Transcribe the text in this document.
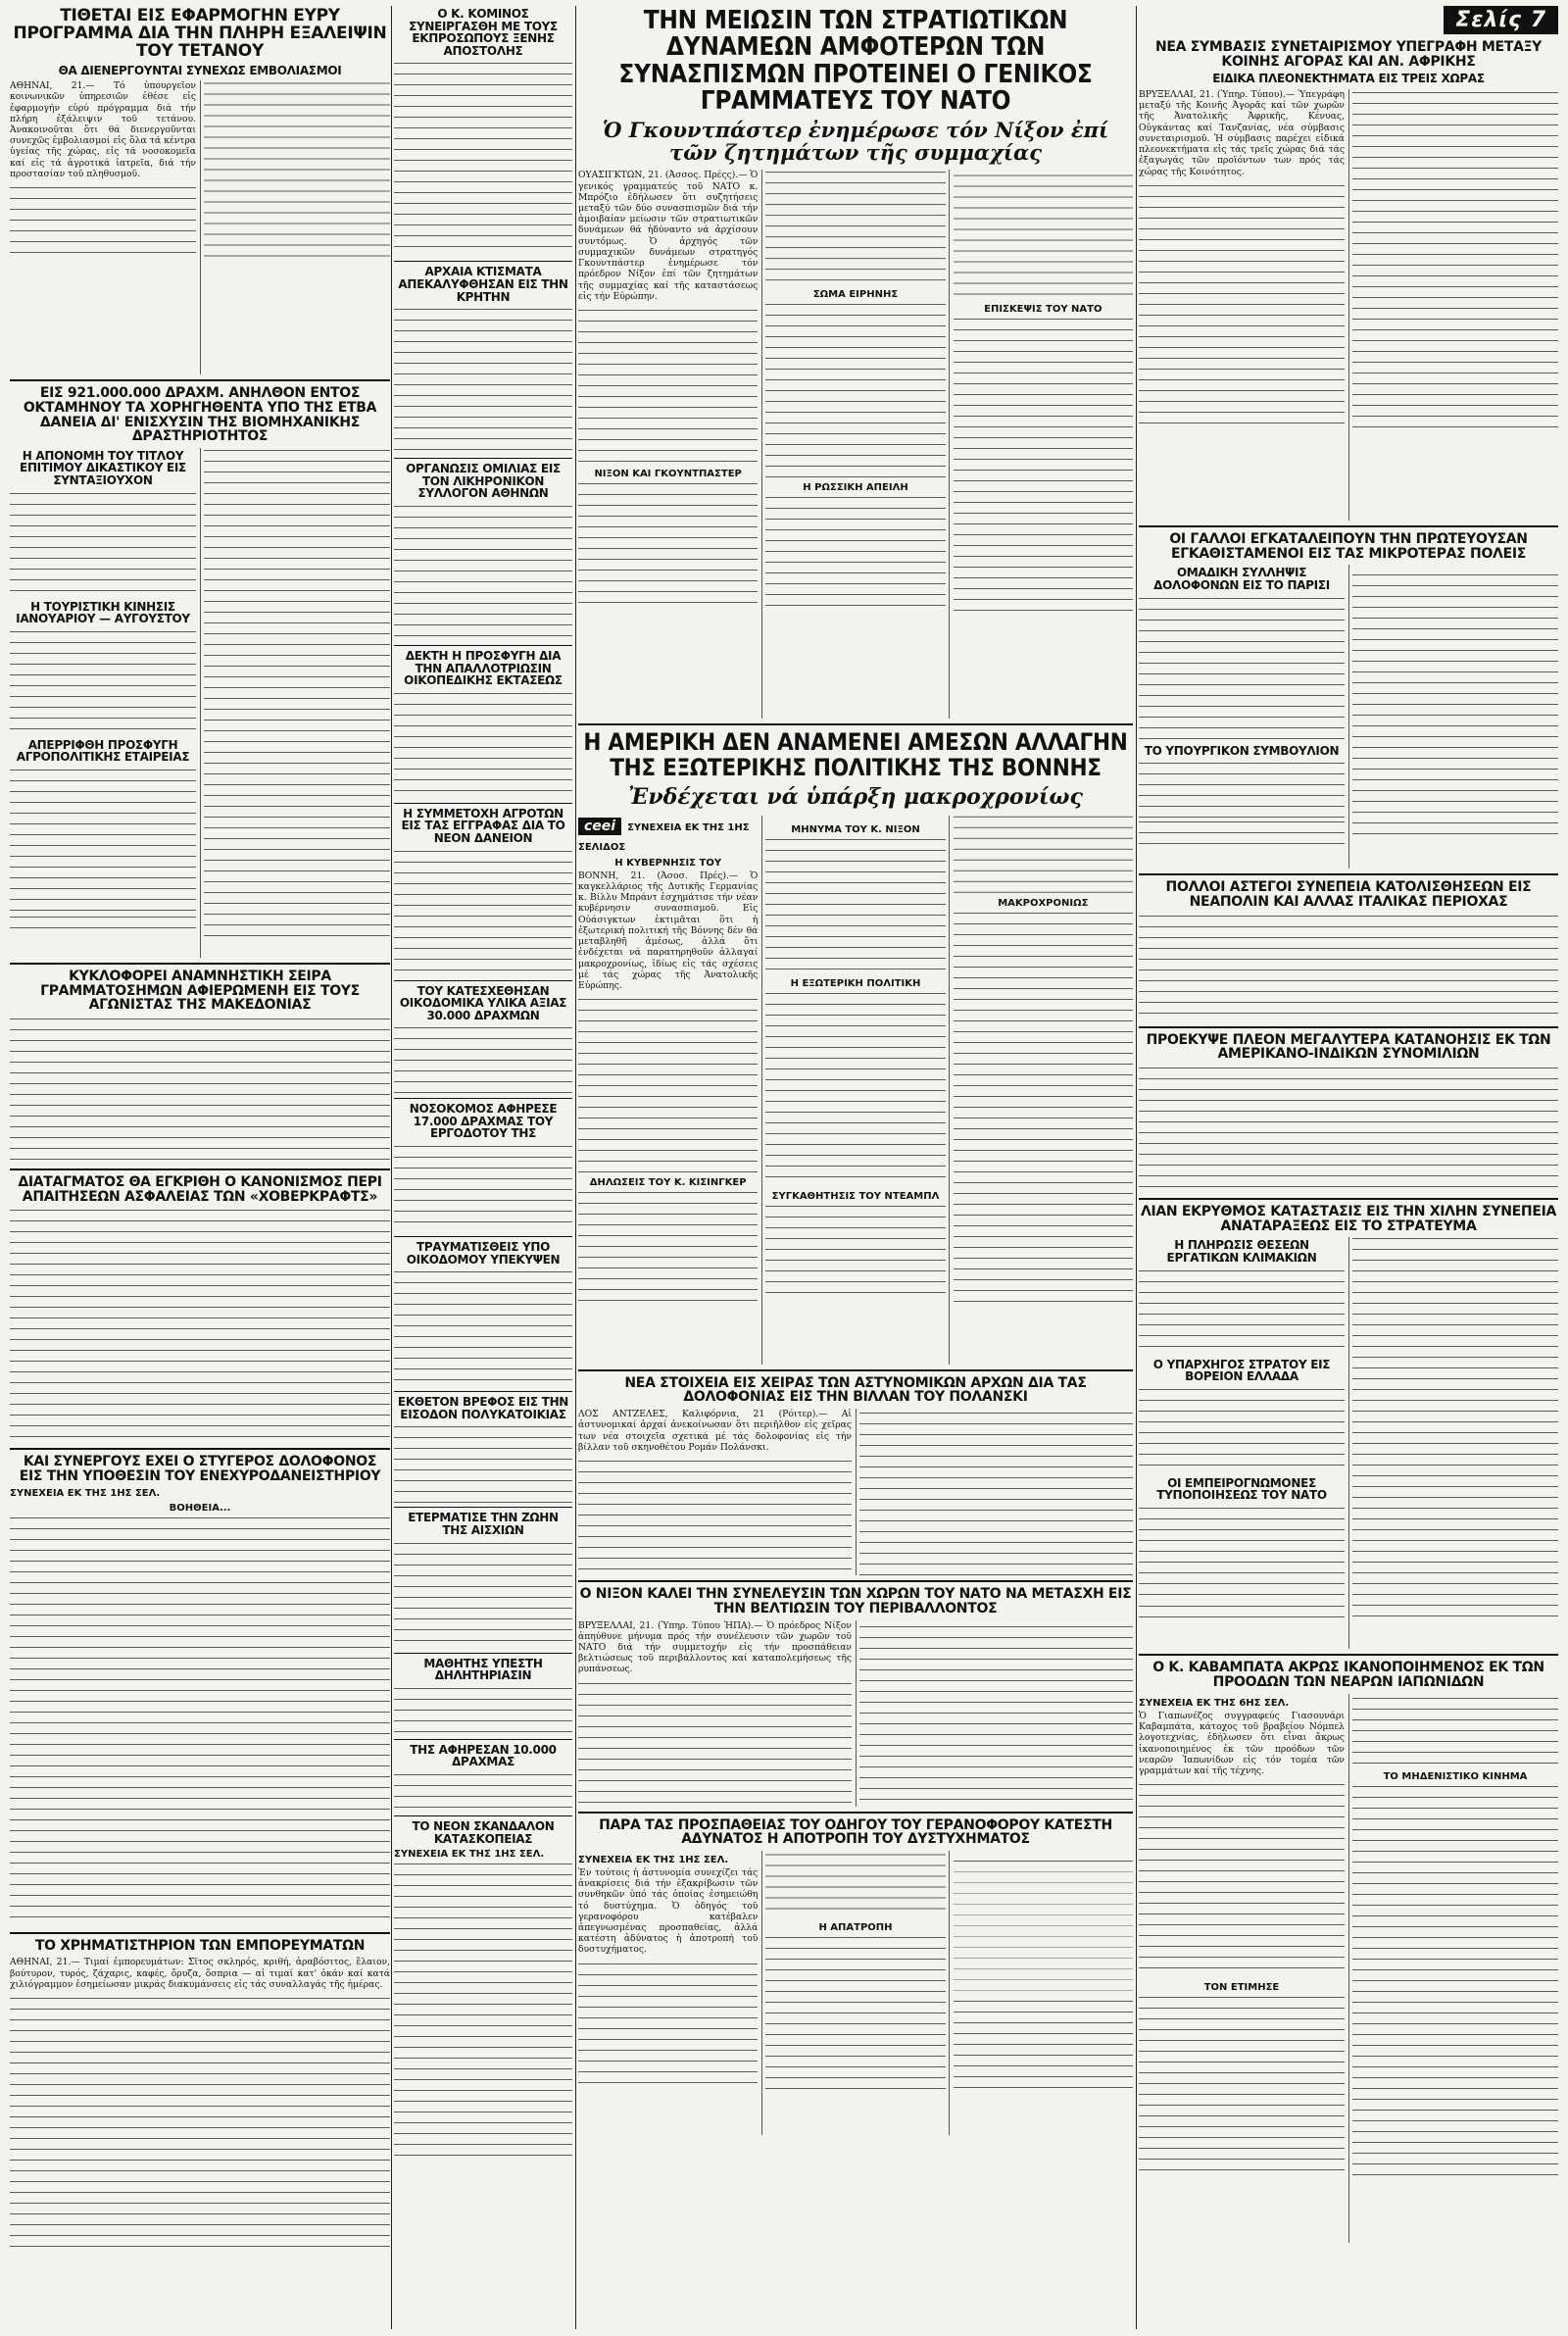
ΤΙΘΕΤΑΙ ΕΙΣ ΕΦΑΡΜΟΓΗΝ ΕΥΡΥ ΠΡΟΓΡΑΜΜΑ ΔΙΑ ΤΗΝ ΠΛΗΡΗ ΕΞΑΛΕΙΨΙΝ ΤΟΥ ΤΕΤΑΝΟΥ
ΘΑ ΔΙΕΝΕΡΓΟΥΝΤΑΙ ΣΥΝΕΧΩΣ ΕΜΒΟΛΙΑΣΜΟΙ

ΑΘΗΝΑΙ, 21.— Τό ὑπουργεῖον κοινωνικῶν ὑπηρεσιῶν ἐθέσε εἰς ἐφαρμογήν εὑρύ πρόγραμμα διά τήν πλήρη ἐξάλειψιν τοῦ τετάνου. Ἀνακοινοῦται ὅτι θά διενεργοῦνται συνεχῶς ἐμβολιασμοί εἰς ὅλα τά κέντρα ὑγείας τῆς χώρας, εἰς τά νοσοκομεῖα καί εἰς τά ἀγροτικά ἰατρεῖα, διά τήν προστασίαν τοῦ πληθυσμοῦ.

ΕΙΣ 921.000.000 ΔΡΑΧΜ. ΑΝΗΛΘΟΝ ΕΝΤΟΣ ΟΚΤΑΜΗΝΟΥ ΤΑ ΧΟΡΗΓΗΘΕΝΤΑ ΥΠΟ ΤΗΣ ΕΤΒΑ ΔΑΝΕΙΑ ΔΙ' ΕΝΙΣΧΥΣΙΝ ΤΗΣ ΒΙΟΜΗΧΑΝΙΚΗΣ ΔΡΑΣΤΗΡΙΟΤΗΤΟΣ
Η ΑΠΟΝΟΜΗ ΤΟΥ ΤΙΤΛΟΥ ΕΠΙΤΙΜΟΥ ΔΙΚΑΣΤΙΚΟΥ ΕΙΣ ΣΥΝΤΑΞΙΟΥΧΟΝ
Η ΤΟΥΡΙΣΤΙΚΗ ΚΙΝΗΣΙΣ ΙΑΝΟΥΑΡΙΟΥ — ΑΥΓΟΥΣΤΟΥ
ΑΠΕΡΡΙΦΘΗ ΠΡΟΣΦΥΓΗ ΑΓΡΟΠΟΛΙΤΙΚΗΣ ΕΤΑΙΡΕΙΑΣ
ΚΥΚΛΟΦΟΡΕΙ ΑΝΑΜΝΗΣΤΙΚΗ ΣΕΙΡΑ ΓΡΑΜΜΑΤΟΣΗΜΩΝ ΑΦΙΕΡΩΜΕΝΗ ΕΙΣ ΤΟΥΣ ΑΓΩΝΙΣΤΑΣ ΤΗΣ ΜΑΚΕΔΟΝΙΑΣ
ΔΙΑΤΑΓΜΑΤΟΣ ΘΑ ΕΓΚΡΙΘΗ Ο ΚΑΝΟΝΙΣΜΟΣ ΠΕΡΙ ΑΠΑΙΤΗΣΕΩΝ ΑΣΦΑΛΕΙΑΣ ΤΩΝ «ΧΟΒΕΡΚΡΑΦΤΣ»
ΚΑΙ ΣΥΝΕΡΓΟΥΣ ΕΧΕΙ Ο ΣΤΥΓΕΡΟΣ ΔΟΛΟΦΟΝΟΣ ΕΙΣ ΤΗΝ ΥΠΟΘΕΣΙΝ ΤΟΥ ΕΝΕΧΥΡΟΔΑΝΕΙΣΤΗΡΙΟΥ
ΣΥΝΕΧΕΙΑ ΕΚ ΤΗΣ 1ΗΣ ΣΕΛ.
ΒΟΗΘΕΙΑ...
ΤΟ ΧΡΗΜΑΤΙΣΤΗΡΙΟΝ ΤΩΝ ΕΜΠΟΡΕΥΜΑΤΩΝ

ΑΘΗΝΑΙ, 21.— Τιμαί ἐμπορευμάτων: Σῖτος σκληρός, κριθή, ἀραβόσιτος, ἔλαιον, βούτυρον, τυρός, ζάχαρις, καφές, ὄρυζα, ὄσπρια — αἱ τιμαί κατ' ὀκάν καί κατά χιλιόγραμμον ἐσημείωσαν μικράς διακυμάνσεις εἰς τάς συναλλαγάς τῆς ἡμέρας.

Ο Κ. ΚΟΜΙΝΟΣ ΣΥΝΕΙΡΓΑΣΘΗ ΜΕ ΤΟΥΣ ΕΚΠΡΟΣΩΠΟΥΣ ΞΕΝΗΣ ΑΠΟΣΤΟΛΗΣ
ΑΡΧΑΙΑ ΚΤΙΣΜΑΤΑ ΑΠΕΚΑΛΥΦΘΗΣΑΝ ΕΙΣ ΤΗΝ ΚΡΗΤΗΝ
ΟΡΓΑΝΩΣΙΣ ΟΜΙΛΙΑΣ ΕΙΣ ΤΟΝ ΛΙΚΗΡΟΝΙΚΟΝ ΣΥΛΛΟΓΟΝ ΑΘΗΝΩΝ
ΔΕΚΤΗ Η ΠΡΟΣΦΥΓΗ ΔΙΑ ΤΗΝ ΑΠΑΛΛΟΤΡΙΩΣΙΝ ΟΙΚΟΠΕΔΙΚΗΣ ΕΚΤΑΣΕΩΣ
Η ΣΥΜΜΕΤΟΧΗ ΑΓΡΟΤΩΝ ΕΙΣ ΤΑΣ ΕΓΓΡΑΦΑΣ ΔΙΑ ΤΟ ΝΕΟΝ ΔΑΝΕΙΟΝ
ΤΟΥ ΚΑΤΕΣΧΕΘΗΣΑΝ ΟΙΚΟΔΟΜΙΚΑ ΥΛΙΚΑ ΑΞΙΑΣ 30.000 ΔΡΑΧΜΩΝ
ΝΟΣΟΚΟΜΟΣ ΑΦΗΡΕΣΕ 17.000 ΔΡΑΧΜΑΣ ΤΟΥ ΕΡΓΟΔΟΤΟΥ ΤΗΣ
ΤΡΑΥΜΑΤΙΣΘΕΙΣ ΥΠΟ ΟΙΚΟΔΟΜΟΥ ΥΠΕΚΥΨΕΝ
ΕΚΘΕΤΟΝ ΒΡΕΦΟΣ ΕΙΣ ΤΗΝ ΕΙΣΟΔΟΝ ΠΟΛΥΚΑΤΟΙΚΙΑΣ
ΕΤΕΡΜΑΤΙΣΕ ΤΗΝ ΖΩΗΝ ΤΗΣ ΑΙΣΧΙΩΝ
ΜΑΘΗΤΗΣ ΥΠΕΣΤΗ ΔΗΛΗΤΗΡΙΑΣΙΝ
ΤΗΣ ΑΦΗΡΕΣΑΝ 10.000 ΔΡΑΧΜΑΣ
ΤΟ ΝΕΟΝ ΣΚΑΝΔΑΛΟΝ ΚΑΤΑΣΚΟΠΕΙΑΣ
ΣΥΝΕΧΕΙΑ ΕΚ ΤΗΣ 1ΗΣ ΣΕΛ.
ΤΗΝ ΜΕΙΩΣΙΝ ΤΩΝ ΣΤΡΑΤΙΩΤΙΚΩΝ ΔΥΝΑΜΕΩΝ ΑΜΦΟΤΕΡΩΝ ΤΩΝ ΣΥΝΑΣΠΙΣΜΩΝ ΠΡΟΤΕΙΝΕΙ Ο ΓΕΝΙΚΟΣ ΓΡΑΜΜΑΤΕΥΣ ΤΟΥ ΝΑΤΟ
Ὁ Γκουντπάστερ ἐνημέρωσε τόν Νίξον ἐπί τῶν ζητημάτων τῆς συμμαχίας

ΟΥΑΣΙΓΚΤΩΝ, 21. (Ἀσσος. Πρέςς).— Ὁ γενικός γραμματεύς τοῦ ΝΑΤΟ κ. Μπρόζιο ἐδήλωσεν ὅτι συζητήσεις μεταξύ τῶν δύο συνασπισμῶν διά τήν ἀμοιβαίαν μείωσιν τῶν στρατιωτικῶν δυνάμεων θά ἠδύναντο νά ἀρχίσουν συντόμως. Ὁ ἀρχηγός τῶν συμμαχικῶν δυνάμεων στρατηγός Γκουντπάστερ ἐνημέρωσε τόν πρόεδρον Νίξον ἐπί τῶν ζητημάτων τῆς συμμαχίας καί τῆς καταστάσεως εἰς τήν Εὐρώπην.

ΝΙΞΟΝ ΚΑΙ ΓΚΟΥΝΤΠΑΣΤΕΡ
ΣΩΜΑ ΕΙΡΗΝΗΣ
Η ΡΩΣΣΙΚΗ ΑΠΕΙΛΗ
ΕΠΙΣΚΕΨΙΣ ΤΟΥ ΝΑΤΟ
Η ΑΜΕΡΙΚΗ ΔΕΝ ΑΝΑΜΕΝΕΙ ΑΜΕΣΩΝ ΑΛΛΑΓΗΝ ΤΗΣ ΕΞΩΤΕΡΙΚΗΣ ΠΟΛΙΤΙΚΗΣ ΤΗΣ ΒΟΝΝΗΣ
Ἐνδέχεται νά ὑπάρξη μακροχρονίως
ceei ΣΥΝΕΧΕΙΑ ΕΚ ΤΗΣ 1ΗΣ ΣΕΛΙΔΟΣ
Η ΚΥΒΕΡΝΗΣΙΣ ΤΟΥ

ΒΟΝΝΗ, 21. (Ἀσοσ. Πρές).— Ὁ καγκελλάριος τῆς Δυτικῆς Γερμανίας κ. Βίλλυ Μπράντ ἐσχημάτισε τήν νέαν κυβέρνησιν συνασπισμοῦ. Εἰς Οὐάσιγκτων ἐκτιμᾶται ὅτι ἡ ἐξωτερική πολιτική τῆς Βόννης δέν θά μεταβληθῆ ἀμέσως, ἀλλά ὅτι ἐνδέχεται νά παρατηρηθοῦν ἀλλαγαί μακροχρονίως, ἰδίως εἰς τάς σχέσεις μέ τάς χώρας τῆς Ἀνατολικῆς Εὐρώπης.

ΔΗΛΩΣΕΙΣ ΤΟΥ Κ. ΚΙΣΙΝΓΚΕΡ
ΜΗΝΥΜΑ ΤΟΥ Κ. ΝΙΞΟΝ
Η ΕΞΩΤΕΡΙΚΗ ΠΟΛΙΤΙΚΗ
ΣΥΓΚΑΘΗΤΗΣΙΣ ΤΟΥ ΝΤΕΑΜΠΛ
ΜΑΚΡΟΧΡΟΝΙΩΣ
ΝΕΑ ΣΤΟΙΧΕΙΑ ΕΙΣ ΧΕΙΡΑΣ ΤΩΝ ΑΣΤΥΝΟΜΙΚΩΝ ΑΡΧΩΝ ΔΙΑ ΤΑΣ ΔΟΛΟΦΟΝΙΑΣ ΕΙΣ ΤΗΝ ΒΙΛΛΑΝ ΤΟΥ ΠΟΛΑΝΣΚΙ

ΛΟΣ ΑΝΤΖΕΛΕΣ, Καλιφόρνια, 21 (Ρόιτερ).— Αἱ ἀστυνομικαί ἀρχαί ἀνεκοίνωσαν ὅτι περιῆλθον εἰς χεῖρας των νέα στοιχεῖα σχετικά μέ τάς δολοφονίας εἰς τήν βίλλαν τοῦ σκηνοθέτου Ρομάν Πολάνσκι.

Ο ΝΙΞΟΝ ΚΑΛΕΙ ΤΗΝ ΣΥΝΕΛΕΥΣΙΝ ΤΩΝ ΧΩΡΩΝ ΤΟΥ ΝΑΤΟ ΝΑ ΜΕΤΑΣΧΗ ΕΙΣ ΤΗΝ ΒΕΛΤΙΩΣΙΝ ΤΟΥ ΠΕΡΙΒΑΛΛΟΝΤΟΣ

ΒΡΥΞΕΛΛΑΙ, 21. (Ὑπηρ. Τύπου ἩΠΑ).— Ὁ πρόεδρος Νίξον ἀπηύθυνε μήνυμα πρός τήν συνέλευσιν τῶν χωρῶν τοῦ ΝΑΤΟ διά τήν συμμετοχήν εἰς τήν προσπάθειαν βελτιώσεως τοῦ περιβάλλοντος καί καταπολεμήσεως τῆς ρυπάνσεως.

ΠΑΡΑ ΤΑΣ ΠΡΟΣΠΑΘΕΙΑΣ ΤΟΥ ΟΔΗΓΟΥ ΤΟΥ ΓΕΡΑΝΟΦΟΡΟΥ ΚΑΤΕΣΤΗ ΑΔΥΝΑΤΟΣ Η ΑΠΟΤΡΟΠΗ ΤΟΥ ΔΥΣΤΥΧΗΜΑΤΟΣ
ΣΥΝΕΧΕΙΑ ΕΚ ΤΗΣ 1ΗΣ ΣΕΛ.

Ἐν τούτοις ἡ ἀστυνομία συνεχίζει τάς ἀνακρίσεις διά τήν ἐξακρίβωσιν τῶν συνθηκῶν ὑπό τάς ὁποίας ἐσημειώθη τό δυστύχημα. Ὁ ὁδηγός τοῦ γερανοφόρου κατέβαλεν ἀπεγνωσμένας προσπαθείας, ἀλλά κατέστη ἀδύνατος ἡ ἀποτροπή τοῦ δυστυχήματος.

Η ΑΠΑΤΡΟΠΗ
Σελίς 7
ΝΕΑ ΣΥΜΒΑΣΙΣ ΣΥΝΕΤΑΙΡΙΣΜΟΥ ΥΠΕΓΡΑΦΗ ΜΕΤΑΞΥ ΚΟΙΝΗΣ ΑΓΟΡΑΣ ΚΑΙ ΑΝ. ΑΦΡΙΚΗΣ
ΕΙΔΙΚΑ ΠΛΕΟΝΕΚΤΗΜΑΤΑ ΕΙΣ ΤΡΕΙΣ ΧΩΡΑΣ

ΒΡΥΞΕΛΛΑΙ, 21. (Ὑπηρ. Τύπου).— Ὑπεγράφη μεταξύ τῆς Κοινῆς Ἀγορᾶς καί τῶν χωρῶν τῆς Ἀνατολικῆς Ἀφρικῆς, Κένυας, Οὐγκάντας καί Τανζανίας, νέα σύμβασις συνεταιρισμοῦ. Ἡ σύμβασις παρέχει εἰδικά πλεονεκτήματα εἰς τάς τρεῖς χώρας διά τάς ἐξαγωγάς τῶν προϊόντων των πρός τάς χώρας τῆς Κοινότητος.

ΟΙ ΓΑΛΛΟΙ ΕΓΚΑΤΑΛΕΙΠΟΥΝ ΤΗΝ ΠΡΩΤΕΥΟΥΣΑΝ ΕΓΚΑΘΙΣΤΑΜΕΝΟΙ ΕΙΣ ΤΑΣ ΜΙΚΡΟΤΕΡΑΣ ΠΟΛΕΙΣ
ΟΜΑΔΙΚΗ ΣΥΛΛΗΨΙΣ ΔΟΛΟΦΟΝΩΝ ΕΙΣ ΤΟ ΠΑΡΙΣΙ
ΤΟ ΥΠΟΥΡΓΙΚΟΝ ΣΥΜΒΟΥΛΙΟΝ
ΠΟΛΛΟΙ ΑΣΤΕΓΟΙ ΣΥΝΕΠΕΙΑ ΚΑΤΟΛΙΣΘΗΣΕΩΝ ΕΙΣ ΝΕΑΠΟΛΙΝ ΚΑΙ ΑΛΛΑΣ ΙΤΑΛΙΚΑΣ ΠΕΡΙΟΧΑΣ
ΠΡΟΕΚΥΨΕ ΠΛΕΟΝ ΜΕΓΑΛΥΤΕΡΑ ΚΑΤΑΝΟΗΣΙΣ ΕΚ ΤΩΝ ΑΜΕΡΙΚΑΝΟ-ΙΝΔΙΚΩΝ ΣΥΝΟΜΙΛΙΩΝ
ΛΙΑΝ ΕΚΡΥΘΜΟΣ ΚΑΤΑΣΤΑΣΙΣ ΕΙΣ ΤΗΝ ΧΙΛΗΝ ΣΥΝΕΠΕΙΑ ΑΝΑΤΑΡΑΞΕΩΣ ΕΙΣ ΤΟ ΣΤΡΑΤΕΥΜΑ
Η ΠΛΗΡΩΣΙΣ ΘΕΣΕΩΝ ΕΡΓΑΤΙΚΩΝ ΚΛΙΜΑΚΙΩΝ
Ο ΥΠΑΡΧΗΓΟΣ ΣΤΡΑΤΟΥ ΕΙΣ ΒΟΡΕΙΟΝ ΕΛΛΑΔΑ
ΟΙ ΕΜΠΕΙΡΟΓΝΩΜΟΝΕΣ ΤΥΠΟΠΟΙΗΣΕΩΣ ΤΟΥ ΝΑΤΟ
Ο Κ. ΚΑΒΑΜΠΑΤΑ ΑΚΡΩΣ ΙΚΑΝΟΠΟΙΗΜΕΝΟΣ ΕΚ ΤΩΝ ΠΡΟΟΔΩΝ ΤΩΝ ΝΕΑΡΩΝ ΙΑΠΩΝΙΔΩΝ
ΣΥΝΕΧΕΙΑ ΕΚ ΤΗΣ 6ΗΣ ΣΕΛ.

Ὁ Γιαπωνέζος συγγραφεύς Γιασουνάρι Καβαμπάτα, κάτοχος τοῦ βραβείου Νόμπελ λογοτεχνίας, ἐδήλωσεν ὅτι εἶναι ἄκρως ἱκανοποιημένος ἐκ τῶν προόδων τῶν νεαρῶν Ἰαπωνίδων εἰς τόν τομέα τῶν γραμμάτων καί τῆς τέχνης.

ΤΟΝ ΕΤΙΜΗΣΕ
ΤΟ ΜΗΔΕΝΙΣΤΙΚΟ ΚΙΝΗΜΑ
